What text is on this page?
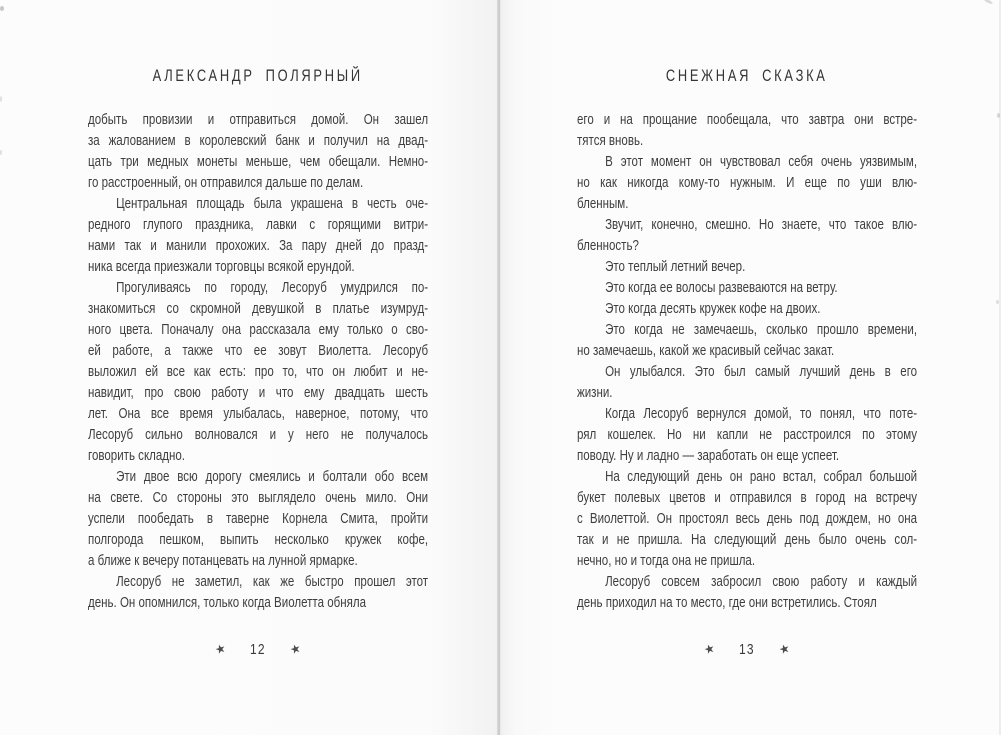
АЛЕКСАНДР ПОЛЯРНЫЙ
добыть провизии и отправиться домой. Он зашел
за жалованием в королевский банк и получил на двад-
цать три медных монеты меньше, чем обещали. Немно-
го расстроенный, он отправился дальше по делам.
Центральная площадь была украшена в честь оче-
редного глупого праздника, лавки с горящими витри-
нами так и манили прохожих. За пару дней до празд-
ника всегда приезжали торговцы всякой ерундой.
Прогуливаясь по городу, Лесоруб умудрился по-
знакомиться со скромной девушкой в платье изумруд-
ного цвета. Поначалу она рассказала ему только о сво-
ей работе, а также что ее зовут Виолетта. Лесоруб
выложил ей все как есть: про то, что он любит и не-
навидит, про свою работу и что ему двадцать шесть
лет. Она все время улыбалась, наверное, потому, что
Лесоруб сильно волновался и у него не получалось
говорить складно.
Эти двое всю дорогу смеялись и болтали обо всем
на свете. Со стороны это выглядело очень мило. Они
успели пообедать в таверне Корнела Смита, пройти
полгорода пешком, выпить несколько кружек кофе,
а ближе к вечеру потанцевать на лунной ярмарке.
Лесоруб не заметил, как же быстро прошел этот
день. Он опомнился, только когда Виолетта обняла
★ 12 ★
СНЕЖНАЯ СКАЗКА
его и на прощание пообещала, что завтра они встре-
тятся вновь.
В этот момент он чувствовал себя очень уязвимым,
но как никогда кому-то нужным. И еще по уши влю-
бленным.
Звучит, конечно, смешно. Но знаете, что такое влю-
бленность?
Это теплый летний вечер.
Это когда ее волосы развеваются на ветру.
Это когда десять кружек кофе на двоих.
Это когда не замечаешь, сколько прошло времени,
но замечаешь, какой же красивый сейчас закат.
Он улыбался. Это был самый лучший день в его
жизни.
Когда Лесоруб вернулся домой, то понял, что поте-
рял кошелек. Но ни капли не расстроился по этому
поводу. Ну и ладно — заработать он еще успеет.
На следующий день он рано встал, собрал большой
букет полевых цветов и отправился в город на встречу
с Виолеттой. Он простоял весь день под дождем, но она
так и не пришла. На следующий день было очень сол-
нечно, но и тогда она не пришла.
Лесоруб совсем забросил свою работу и каждый
день приходил на то место, где они встретились. Стоял
★ 13 ★
